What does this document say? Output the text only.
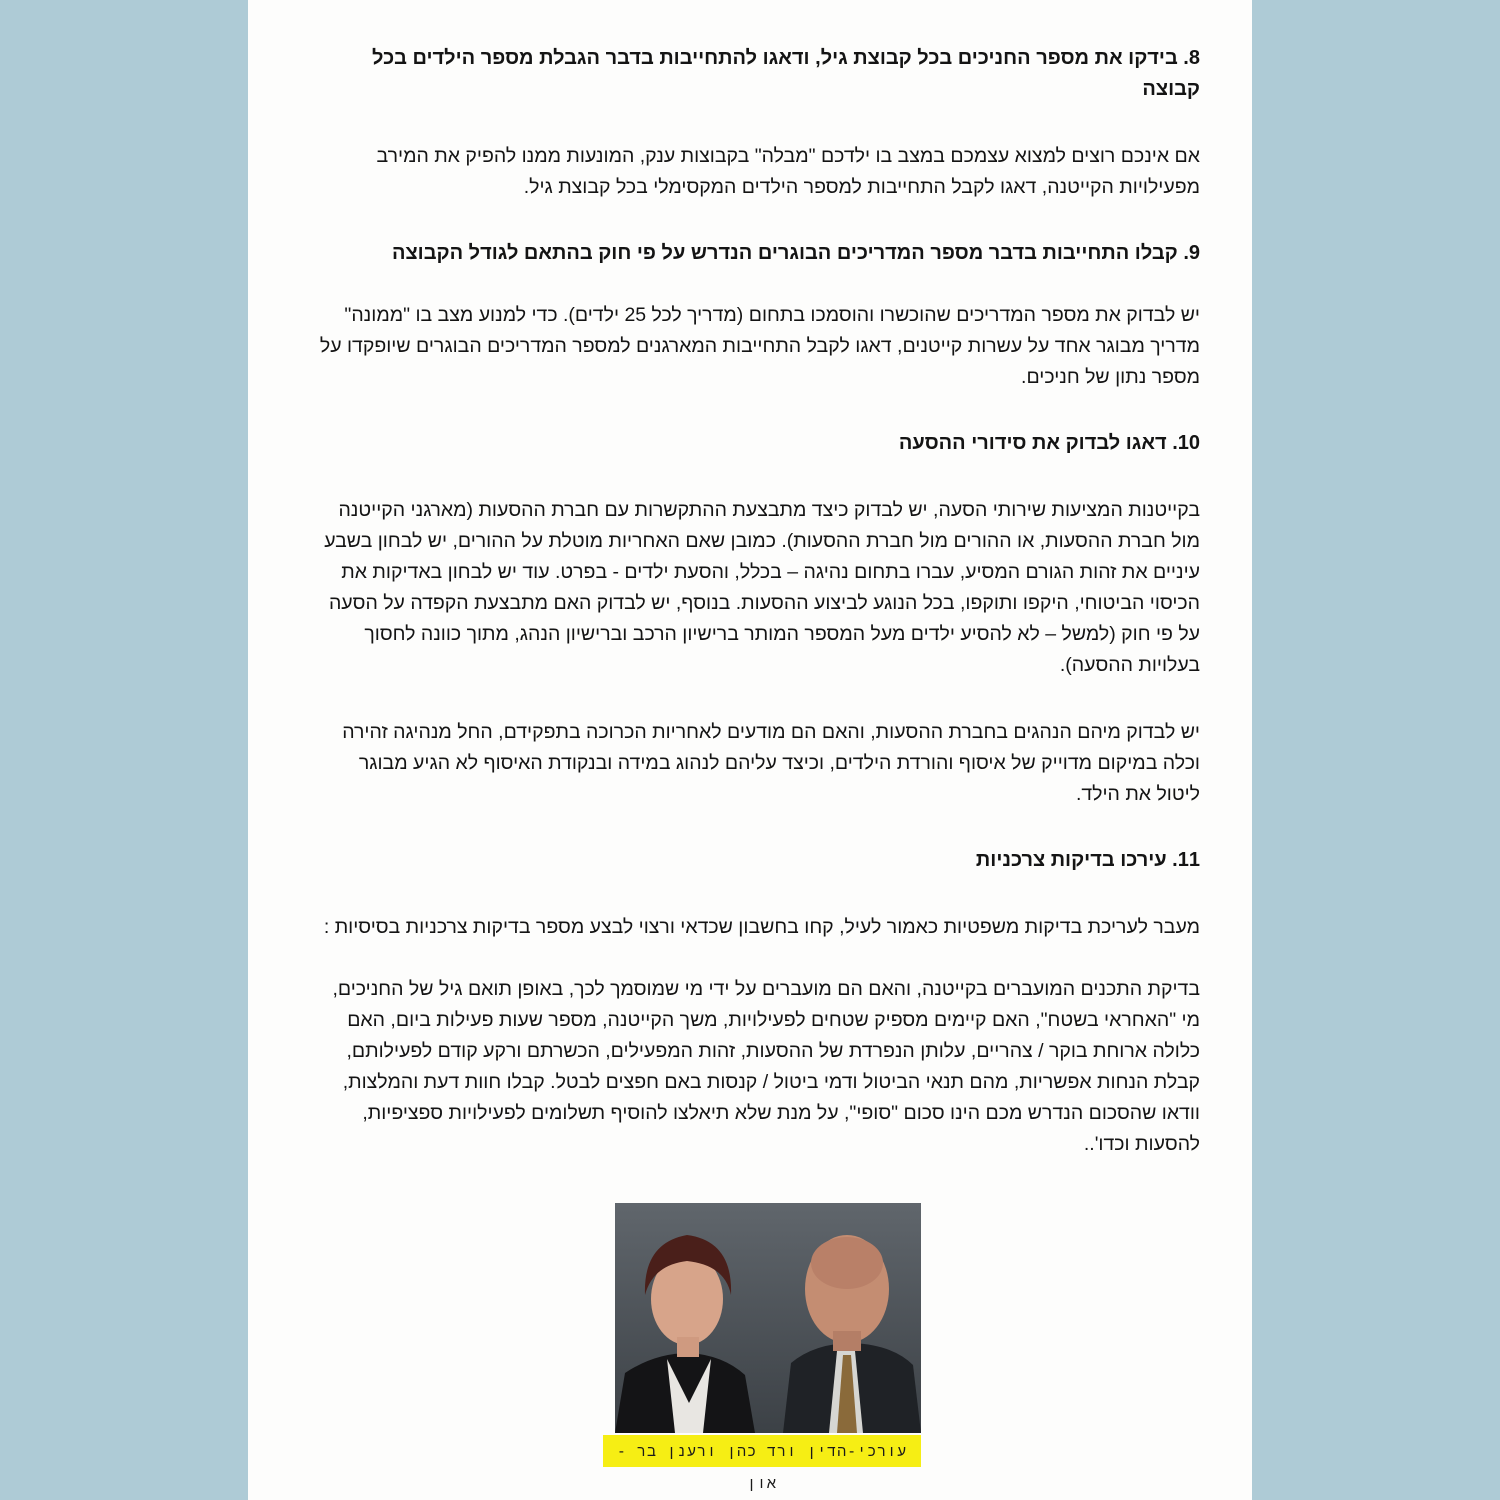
8. בידקו את מספר החניכים בכל קבוצת גיל, ודאגו להתחייבות בדבר הגבלת מספר הילדים בכל קבוצה

אם אינכם רוצים למצוא עצמכם במצב בו ילדכם "מבלה" בקבוצות ענק, המונעות ממנו להפיק את המירב מפעילויות הקייטנה, דאגו לקבל התחייבות למספר הילדים המקסימלי בכל קבוצת גיל.

9. קבלו התחייבות בדבר מספר המדריכים הבוגרים הנדרש על פי חוק בהתאם לגודל הקבוצה

יש לבדוק את מספר המדריכים שהוכשרו והוסמכו בתחום (מדריך לכל 25 ילדים). כדי למנוע מצב בו "ממונה" מדריך מבוגר אחד על עשרות קייטנים, דאגו לקבל התחייבות המארגנים למספר המדריכים הבוגרים שיופקדו על מספר נתון של חניכים.

10. דאגו לבדוק את סידורי ההסעה

בקייטנות המציעות שירותי הסעה, יש לבדוק כיצד מתבצעת ההתקשרות עם חברת ההסעות (מארגני הקייטנה מול חברת ההסעות, או ההורים מול חברת ההסעות). כמובן שאם האחריות מוטלת על ההורים, יש לבחון בשבע עיניים את זהות הגורם המסיע, עברו בתחום נהיגה – בכלל, והסעת ילדים - בפרט. עוד יש לבחון באדיקות את הכיסוי הביטוחי, היקפו ותוקפו, בכל הנוגע לביצוע ההסעות. בנוסף, יש לבדוק האם מתבצעת הקפדה על הסעה על פי חוק (למשל – לא להסיע ילדים מעל המספר המותר ברישיון הרכב וברישיון הנהג, מתוך כוונה לחסוך בעלויות ההסעה).

יש לבדוק מיהם הנהגים בחברת ההסעות, והאם הם מודעים לאחריות הכרוכה בתפקידם, החל מנהיגה זהירה וכלה במיקום מדוייק של איסוף והורדת הילדים, וכיצד עליהם לנהוג במידה ובנקודת האיסוף לא הגיע מבוגר ליטול את הילד.

11. עירכו בדיקות צרכניות

מעבר לעריכת בדיקות משפטיות כאמור לעיל, קחו בחשבון שכדאי ורצוי לבצע מספר בדיקות צרכניות בסיסיות :

בדיקת התכנים המועברים בקייטנה, והאם הם מועברים על ידי מי שמוסמך לכך, באופן תואם גיל של החניכים, מי "האחראי בשטח", האם קיימים מספיק שטחים לפעילויות, משך הקייטנה, מספר שעות פעילות ביום, האם כלולה ארוחת בוקר / צהריים, עלותן הנפרדת של ההסעות, זהות המפעילים, הכשרתם ורקע קודם לפעילותם, קבלת הנחות אפשריות, מהם תנאי הביטול ודמי ביטול / קנסות באם חפצים לבטל. קבלו חוות דעת והמלצות, וודאו שהסכום הנדרש מכם הינו סכום "סופי", על מנת שלא תיאלצו להוסיף תשלומים לפעילויות ספציפיות, להסעות וכדו'..

עורכי-הדין ורד כהן ורענן בר - און
